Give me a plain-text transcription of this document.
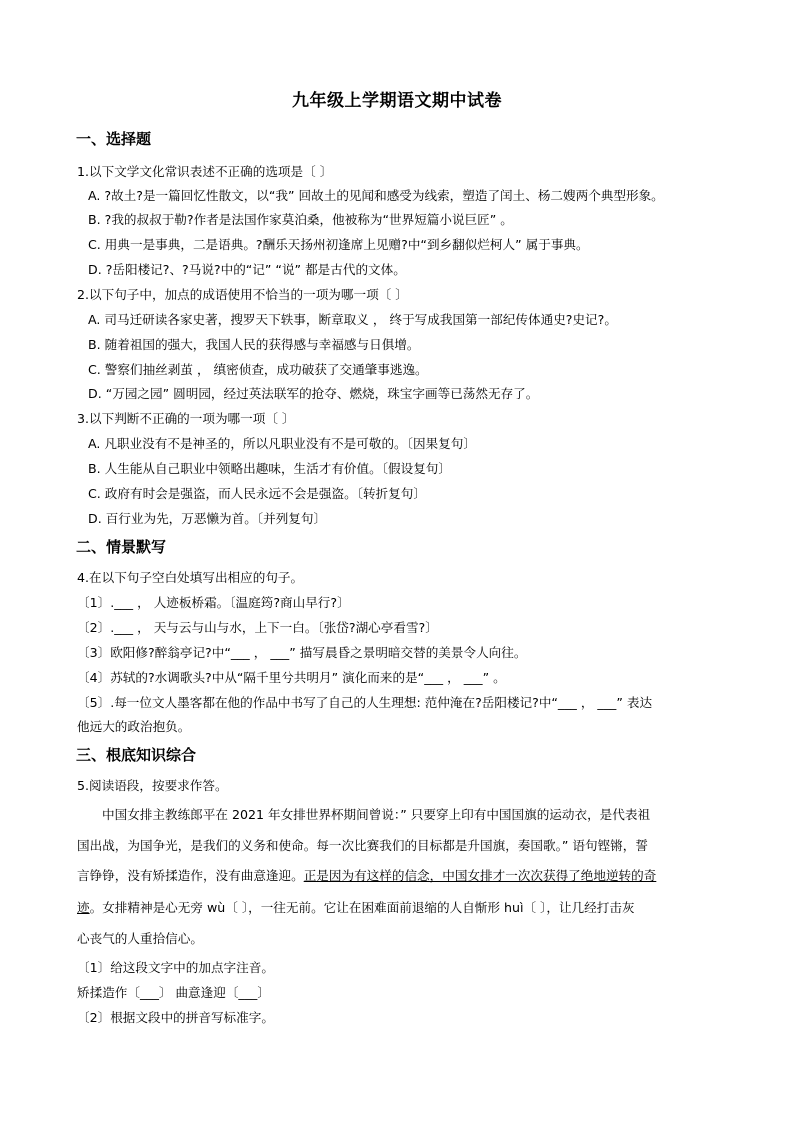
九年级上学期语文期中试卷
一、选择题
1.以下文学文化常识表述不正确的选项是〔 〕
A. ?故土?是一篇回忆性散文，以“我” 回故土的见闻和感受为线索，塑造了闰土、杨二嫂两个典型形象。
B. ?我的叔叔于勒?作者是法国作家莫泊桑，他被称为“世界短篇小说巨匠” 。
C. 用典一是事典，二是语典。?酬乐天扬州初逢席上见赠?中“到乡翻似烂柯人” 属于事典。
D. ?岳阳楼记?、?马说?中的“记” “说” 都是古代的文体。
2.以下句子中，加点的成语使用不恰当的一项为哪一项〔 〕
A. 司马迁研读各家史著，搜罗天下轶事，断章取义 ， 终于写成我国第一部纪传体通史?史记?。
B. 随着祖国的强大，我国人民的获得感与幸福感与日俱增。
C. 警察们抽丝剥茧 ， 缜密侦查，成功破获了交通肇事逃逸。
D. “万园之园” 圆明园，经过英法联军的抢夺、燃烧，珠宝字画等已荡然无存了。
3.以下判断不正确的一项为哪一项〔 〕
A. 凡职业没有不是神圣的，所以凡职业没有不是可敬的。〔因果复句〕
B. 人生能从自己职业中领略出趣味，生活才有价值。〔假设复句〕
C. 政府有时会是强盗，而人民永远不会是强盗。〔转折复句〕
D. 百行业为先，万恶懒为首。〔并列复句〕
二、情景默写
4.在以下句子空白处填写出相应的句子。
〔1〕.___ ， 人迹板桥霜。〔温庭筠?商山早行?〕
〔2〕.___ ， 天与云与山与水，上下一白。〔张岱?湖心亭看雪?〕
〔3〕欧阳修?醉翁亭记?中“___ ， ___” 描写晨昏之景明暗交替的美景令人向往。
〔4〕苏轼的?水调歌头?中从“隔千里兮共明月” 演化而来的是“___ ， ___” 。
〔5〕.每一位文人墨客都在他的作品中书写了自己的人生理想: 范仲淹在?岳阳楼记?中“___ ， ___” 表达
他远大的政治抱负。
三、根底知识综合
5.阅读语段，按要求作答。
中国女排主教练郎平在 2021 年女排世界杯期间曾说：” 只要穿上印有中国国旗的运动衣，是代表祖
国出战，为国争光，是我们的义务和使命。每一次比赛我们的目标都是升国旗，奏国歌。” 语句铿锵，誓
言铮铮，没有矫揉造作，没有曲意逢迎。正是因为有这样的信念，中国女排才一次次获得了绝地逆转的奇
迹。女排精神是心无旁 wù〔 〕，一往无前。它让在困难面前退缩的人自惭形 huì〔 〕，让几经打击灰
心丧气的人重拾信心。
〔1〕给这段文字中的加点字注音。
矫揉造作〔___〕 曲意逢迎〔___〕
〔2〕根据文段中的拼音写标准字。
